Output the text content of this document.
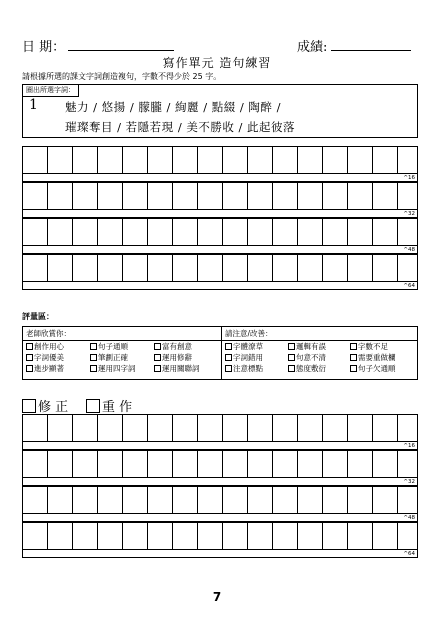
日 期：	成績:
寫作單元 造句練習
請根據所選的課文字詞創造複句，字數不得少於 25 字。
圈出所選字詞：
1 魅力 / 悠揚 / 朦朧 / 絢麗 / 點綴 / 陶醉 /
璀璨奪目 / 若隱若現 / 美不勝收 / 此起彼落
^16
^32
^48
^64
評量區：
老師欣賞你：
創作用心	句子通順	富有創意
字詞優美	筆劃正確	運用修辭
進步顯著	運用四字詞	運用關聯詞
請注意/改善：
字體潦草	邏輯有誤	字數不足
字詞錯用	句意不清	需要重做欄
注意標點	態度敷衍	句子欠通順
修 正	重 作
^16
^32
^48
^64
7
